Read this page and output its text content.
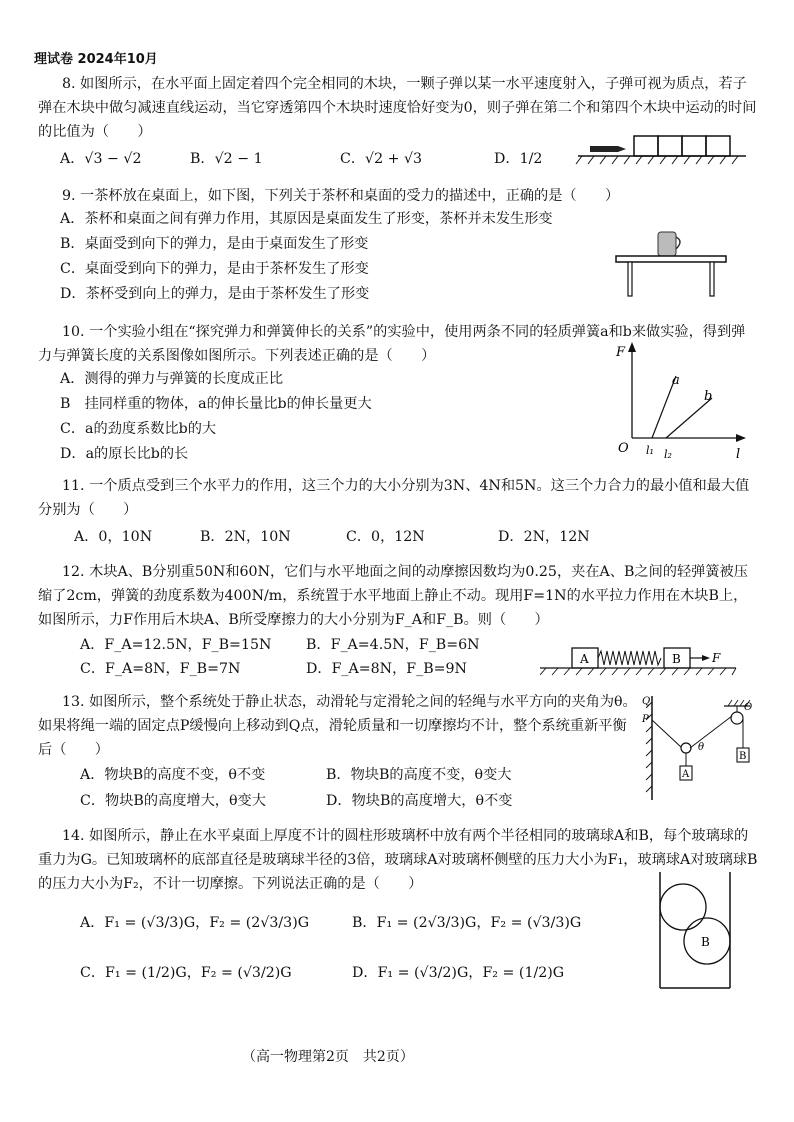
理试卷 2024年10月

8. 如图所示，在水平面上固定着四个完全相同的木块，一颗子弹以某一水平速度射入，子弹可视为质点，若子弹在木块中做匀减速直线运动，当它穿透第四个木块时速度恰好变为0，则子弹在第二个和第四个木块中运动的时间的比值为（　　）

A．√3 − √2	B．√2 − 1	C．√2 + √3	D．1/2

9. 一茶杯放在桌面上，如下图，下列关于茶杯和桌面的受力的描述中，正确的是（　　）

A．茶杯和桌面之间有弹力作用，其原因是桌面发生了形变，茶杯并未发生形变
B．桌面受到向下的弹力，是由于桌面发生了形变
C．桌面受到向下的弹力，是由于茶杯发生了形变
D．茶杯受到向上的弹力，是由于茶杯发生了形变

10. 一个实验小组在“探究弹力和弹簧伸长的关系”的实验中，使用两条不同的轻质弹簧a和b来做实验，得到弹力与弹簧长度的关系图像如图所示。下列表述正确的是（　　）

A．测得的弹力与弹簧的长度成正比
B　挂同样重的物体，a的伸长量比b的伸长量更大
C．a的劲度系数比b的大
D．a的原长比b的长
F
l
O
a
b
l₁ l₂

11. 一个质点受到三个水平力的作用，这三个力的大小分别为3N、4N和5N。这三个力合力的最小值和最大值分别为（　　）

A．0，10N	B．2N，10N	C．0，12N	D．2N，12N

12. 木块A、B分别重50N和60N，它们与水平地面之间的动摩擦因数均为0.25，夹在A、B之间的轻弹簧被压缩了2cm，弹簧的劲度系数为400N/m，系统置于水平地面上静止不动。现用F=1N的水平拉力作用在木块B上，如图所示，力F作用后木块A、B所受摩擦力的大小分别为F_A和F_B。则（　　）

A．F_A=12.5N，F_B=15N B．F_A=4.5N，F_B=6N
C．F_A=8N，F_B=7N	D．F_A=8N，F_B=9N
A	B	F

13. 如图所示，整个系统处于静止状态，动滑轮与定滑轮之间的轻绳与水平方向的夹角为θ。如果将绳一端的固定点P缓慢向上移动到Q点，滑轮质量和一切摩擦均不计，整个系统重新平衡后（　　）

A．物块B的高度不变，θ不变	B．物块B的高度不变，θ变大
C．物块B的高度增大，θ变大	D．物块B的高度增大，θ不变
Q
P
O
θ
A
B

14. 如图所示，静止在水平桌面上厚度不计的圆柱形玻璃杯中放有两个半径相同的玻璃球A和B，每个玻璃球的重力为G。已知玻璃杯的底部直径是玻璃球半径的3倍，玻璃球A对玻璃杯侧壁的压力大小为F₁，玻璃球A对玻璃球B的压力大小为F₂，不计一切摩擦。下列说法正确的是（　　）

A．F₁ = (√3/3)G，F₂ = (2√3/3)G	B．F₁ = (2√3/3)G，F₂ = (√3/3)G
C．F₁ = (1/2)G，F₂ = (√3/2)G	D．F₁ = (√3/2)G，F₂ = (1/2)G
B
（高一物理第2页　共2页）
